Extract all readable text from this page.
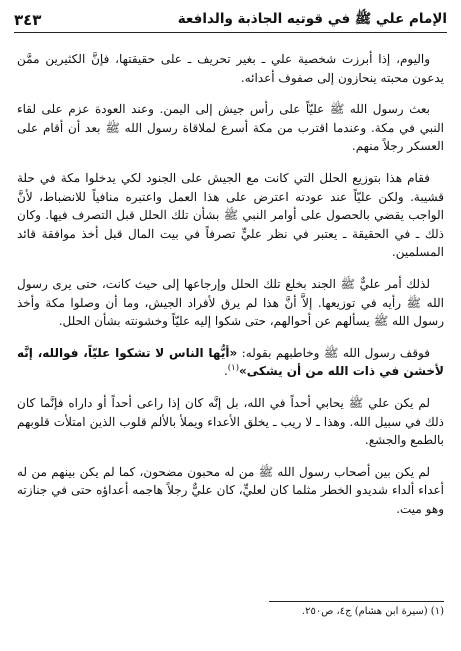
الإمام علي ﷺ في قوتيه الجاذبة والدافعة
٣٤٣

واليوم، إذا أبرزت شخصية علي ـ بغير تحريف ـ على حقيقتها، فإنَّ الكثيرين ممَّن يدعون محبته ينحازون إلى صفوف أعدائه.

بعث رسول الله ﷺ عليّاً على رأس جيش إلى اليمن. وعند العودة عزم على لقاء النبي في مكة. وعندما اقترب من مكة أسرع لملاقاة رسول الله ﷺ بعد أن أقام على العسكر رجلاً منهم.

فقام هذا بتوزيع الحلل التي كانت مع الجيش على الجنود لكي يدخلوا مكة في حلة قشيبة. ولكن عليّاً عند عودته اعترض على هذا العمل واعتبره منافياً للانضباط، لأنَّ الواجب يقضي بالحصول على أوامر النبي ﷺ بشأن تلك الحلل قبل التصرف فيها. وكان ذلك ـ في الحقيقة ـ يعتبر في نظر عليٍّ تصرفاً في بيت المال قبل أخذ موافقة قائد المسلمين.

لذلك أمر عليٌّ ﷺ الجند بخلع تلك الحلل وإرجاعها إلى حيث كانت، حتى يرى رسول الله ﷺ رأيه في توزيعها. إلاَّ أنَّ هذا لم يرق لأفراد الجيش، وما أن وصلوا مكة وأخذ رسول الله ﷺ يسألهم عن أحوالهم، حتى شكوا إليه عليّاً وخشونته بشأن الحلل.

فوقف رسول الله ﷺ وخاطبهم بقوله: «أيُّها الناس لا تشكوا عليّاً، فوالله، إنَّه لأخشن في ذات الله من أن يشكى»$^{(١)}$.

لم يكن علي ﷺ يحابي أحداً في الله، بل إنَّه كان إذا راعى أحداً أو داراه فإنَّما كان ذلك في سبيل الله. وهذا ـ لا ريب ـ يخلق الأعداء ويملأ بالألم قلوب الذين امتلأت قلوبهم بالطمع والجشع.

لم يكن بين أصحاب رسول الله ﷺ من له محبون مضحون، كما لم يكن بينهم من له أعداء ألداء شديدو الخطر مثلما كان لعليٍّ، كان عليٌّ رجلاً هاجمه أعداؤه حتى في جنازته وهو ميت.

(١) (سيرة ابن هشام) ج٤، ص٢٥٠.
